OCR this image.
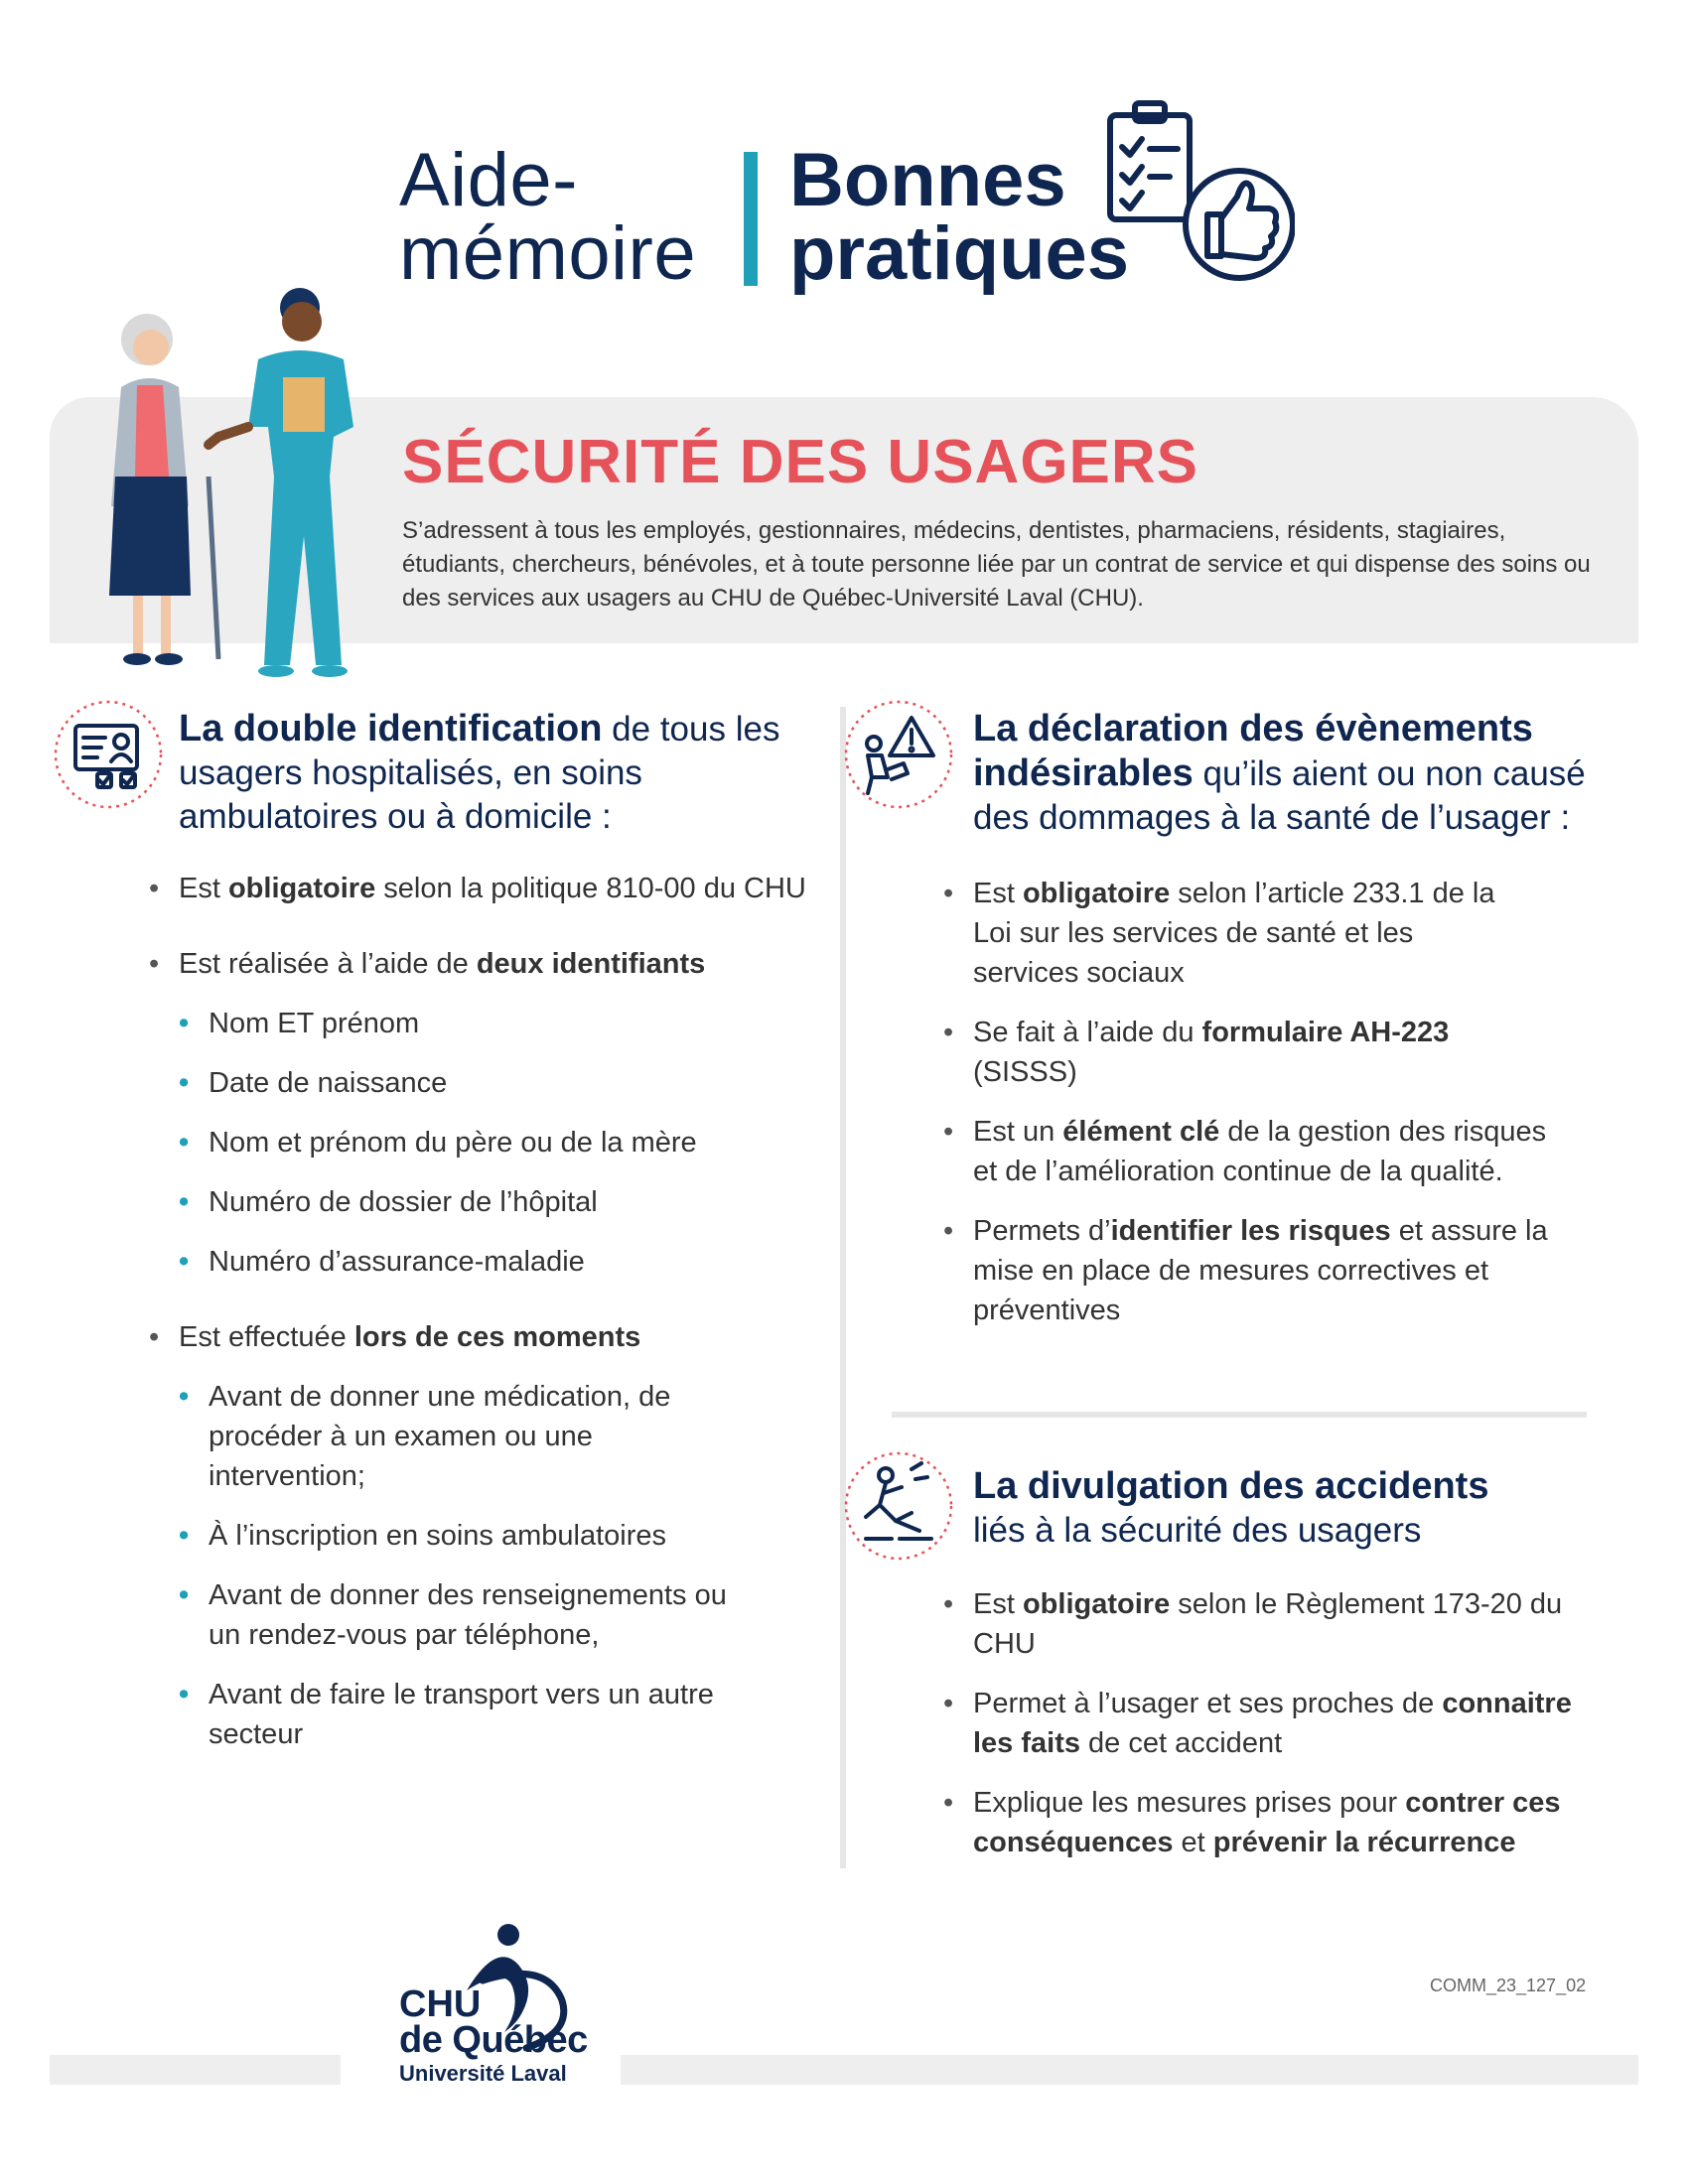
Aide-
mémoire
Bonnes
pratiques
SÉCURITÉ DES USAGERS
S’adressent à tous les employés, gestionnaires, médecins, dentistes, pharmaciens, résidents, stagiaires, étudiants, chercheurs, bénévoles, et à toute personne liée par un contrat de service et qui dispense des soins ou des services aux usagers au CHU de Québec-Université Laval (CHU).
La double identification de tous les usagers hospitalisés, en soins ambulatoires ou à domicile :
• Est obligatoire selon la politique 810-00 du CHU
• Est réalisée à l’aide de deux identifiants
• Nom ET prénom
• Date de naissance
• Nom et prénom du père ou de la mère
• Numéro de dossier de l’hôpital
• Numéro d’assurance-maladie
• Est effectuée lors de ces moments
• Avant de donner une médication, de procéder à un examen ou une intervention;
• À l’inscription en soins ambulatoires
• Avant de donner des renseignements ou un rendez-vous par téléphone,
• Avant de faire le transport vers un autre secteur
La déclaration des évènements indésirables qu’ils aient ou non causé des dommages à la santé de l’usager :
• Est obligatoire selon l’article 233.1 de la Loi sur les services de santé et les services sociaux
• Se fait à l’aide du formulaire AH-223 (SISSS)
• Est un élément clé de la gestion des risques et de l’amélioration continue de la qualité.
• Permets d’identifier les risques et assure la mise en place de mesures correctives et préventives
La divulgation des accidents
liés à la sécurité des usagers
• Est obligatoire selon le Règlement 173-20 du CHU
• Permet à l’usager et ses proches de connaitre les faits de cet accident
• Explique les mesures prises pour contrer ces conséquences et prévenir la récurrence
CHU
de Québec
Université Laval
COMM_23_127_02
